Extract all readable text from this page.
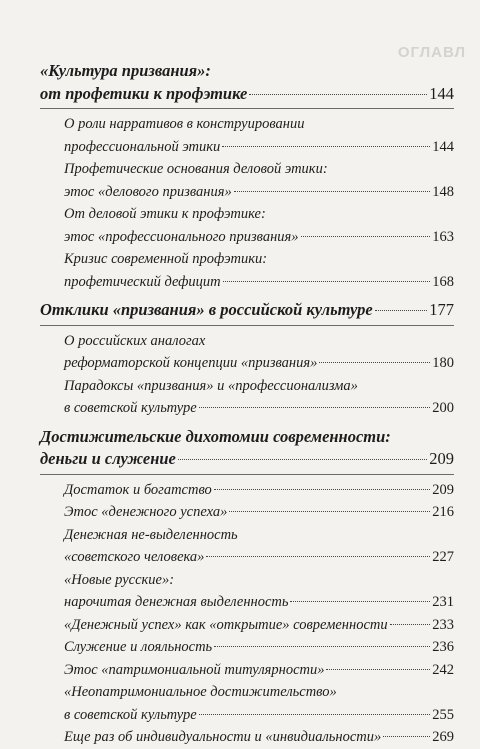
ОГЛАВЛ
«Культура призвания»:
от профетики к профэтике	144
О роли нарративов в конструировании
профессиональной этики	144
Профетические основания деловой этики:
этос «делового призвания»	148
От деловой этики к профэтике:
этос «профессионального призвания»	163
Кризис современной профэтики:
профетический дефицит	168
Отклики «призвания» в российской культуре	177
О российских аналогах
реформаторской концепции «призвания»	180
Парадоксы «призвания» и «профессионализма»
в советской культуре	200
Достижительские дихотомии современности:
деньги и служение	209
Достаток и богатство	209
Этос «денежного успеха»	216
Денежная не-выделенность
«советского человека»	227
«Новые русские»:
нарочитая денежная выделенность	231
«Денежный успех» как «открытие» современности	233
Служение и лояльность	236
Этос «патримониальной титулярности»	242
«Неопатримониальное достижительство»
в советской культуре	255
Еще раз об индивидуальности и «инвидиальности»	269
